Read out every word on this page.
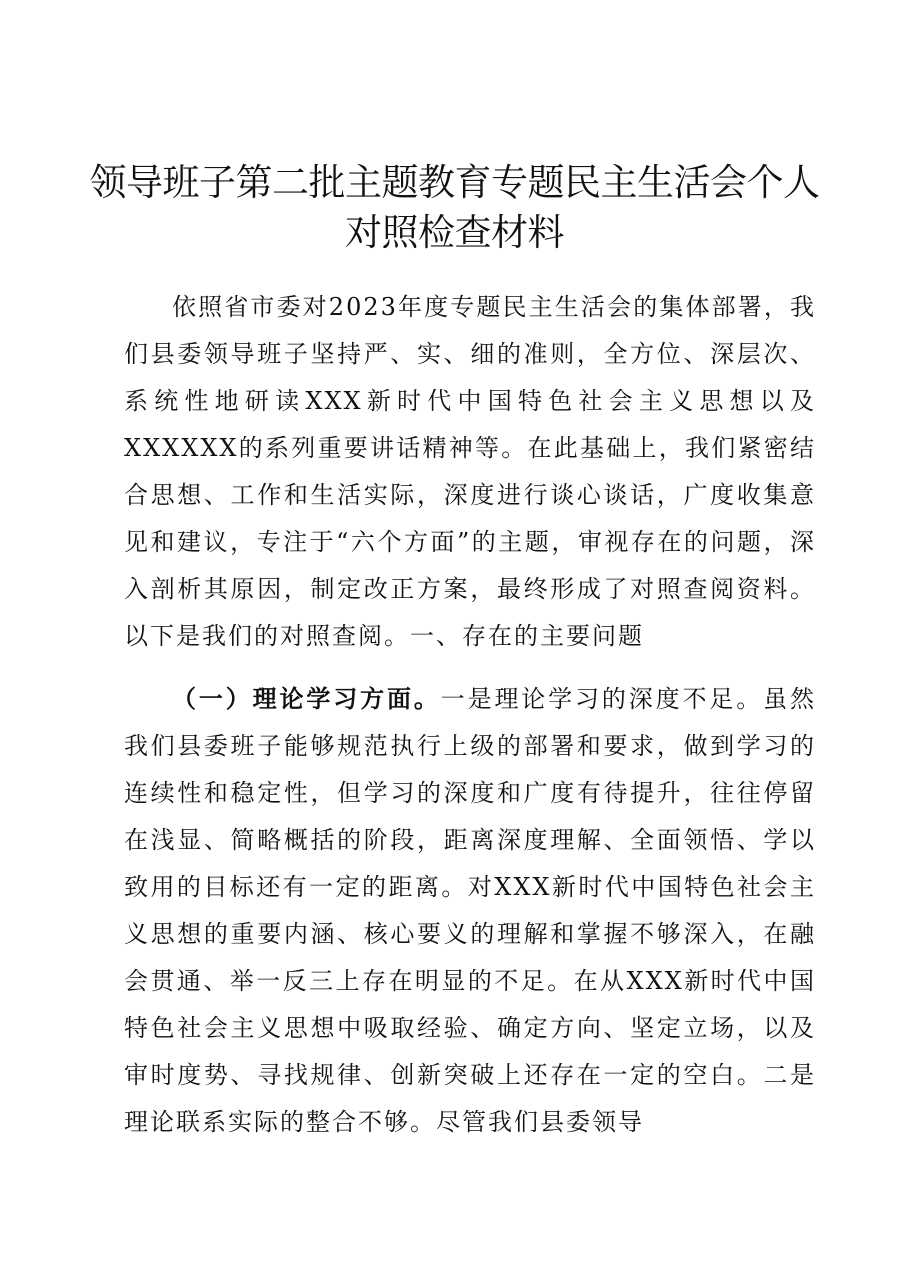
领导班子第二批主题教育专题民主生活会个人对照检查材料

依照省市委对2023年度专题民主生活会的集体部署，我们县委领导班子坚持严、实、细的准则，全方位、深层次、系统性地研读XXX新时代中国特色社会主义思想以及XXXXXX的系列重要讲话精神等。在此基础上，我们紧密结合思想、工作和生活实际，深度进行谈心谈话，广度收集意见和建议，专注于“六个方面”的主题，审视存在的问题，深入剖析其原因，制定改正方案，最终形成了对照查阅资料。以下是我们的对照查阅。一、存在的主要问题

（一）理论学习方面。一是理论学习的深度不足。虽然我们县委班子能够规范执行上级的部署和要求，做到学习的连续性和稳定性，但学习的深度和广度有待提升，往往停留在浅显、简略概括的阶段，距离深度理解、全面领悟、学以致用的目标还有一定的距离。对XXX新时代中国特色社会主义思想的重要内涵、核心要义的理解和掌握不够深入，在融会贯通、举一反三上存在明显的不足。在从XXX新时代中国特色社会主义思想中吸取经验、确定方向、坚定立场，以及审时度势、寻找规律、创新突破上还存在一定的空白。二是理论联系实际的整合不够。尽管我们县委领导
